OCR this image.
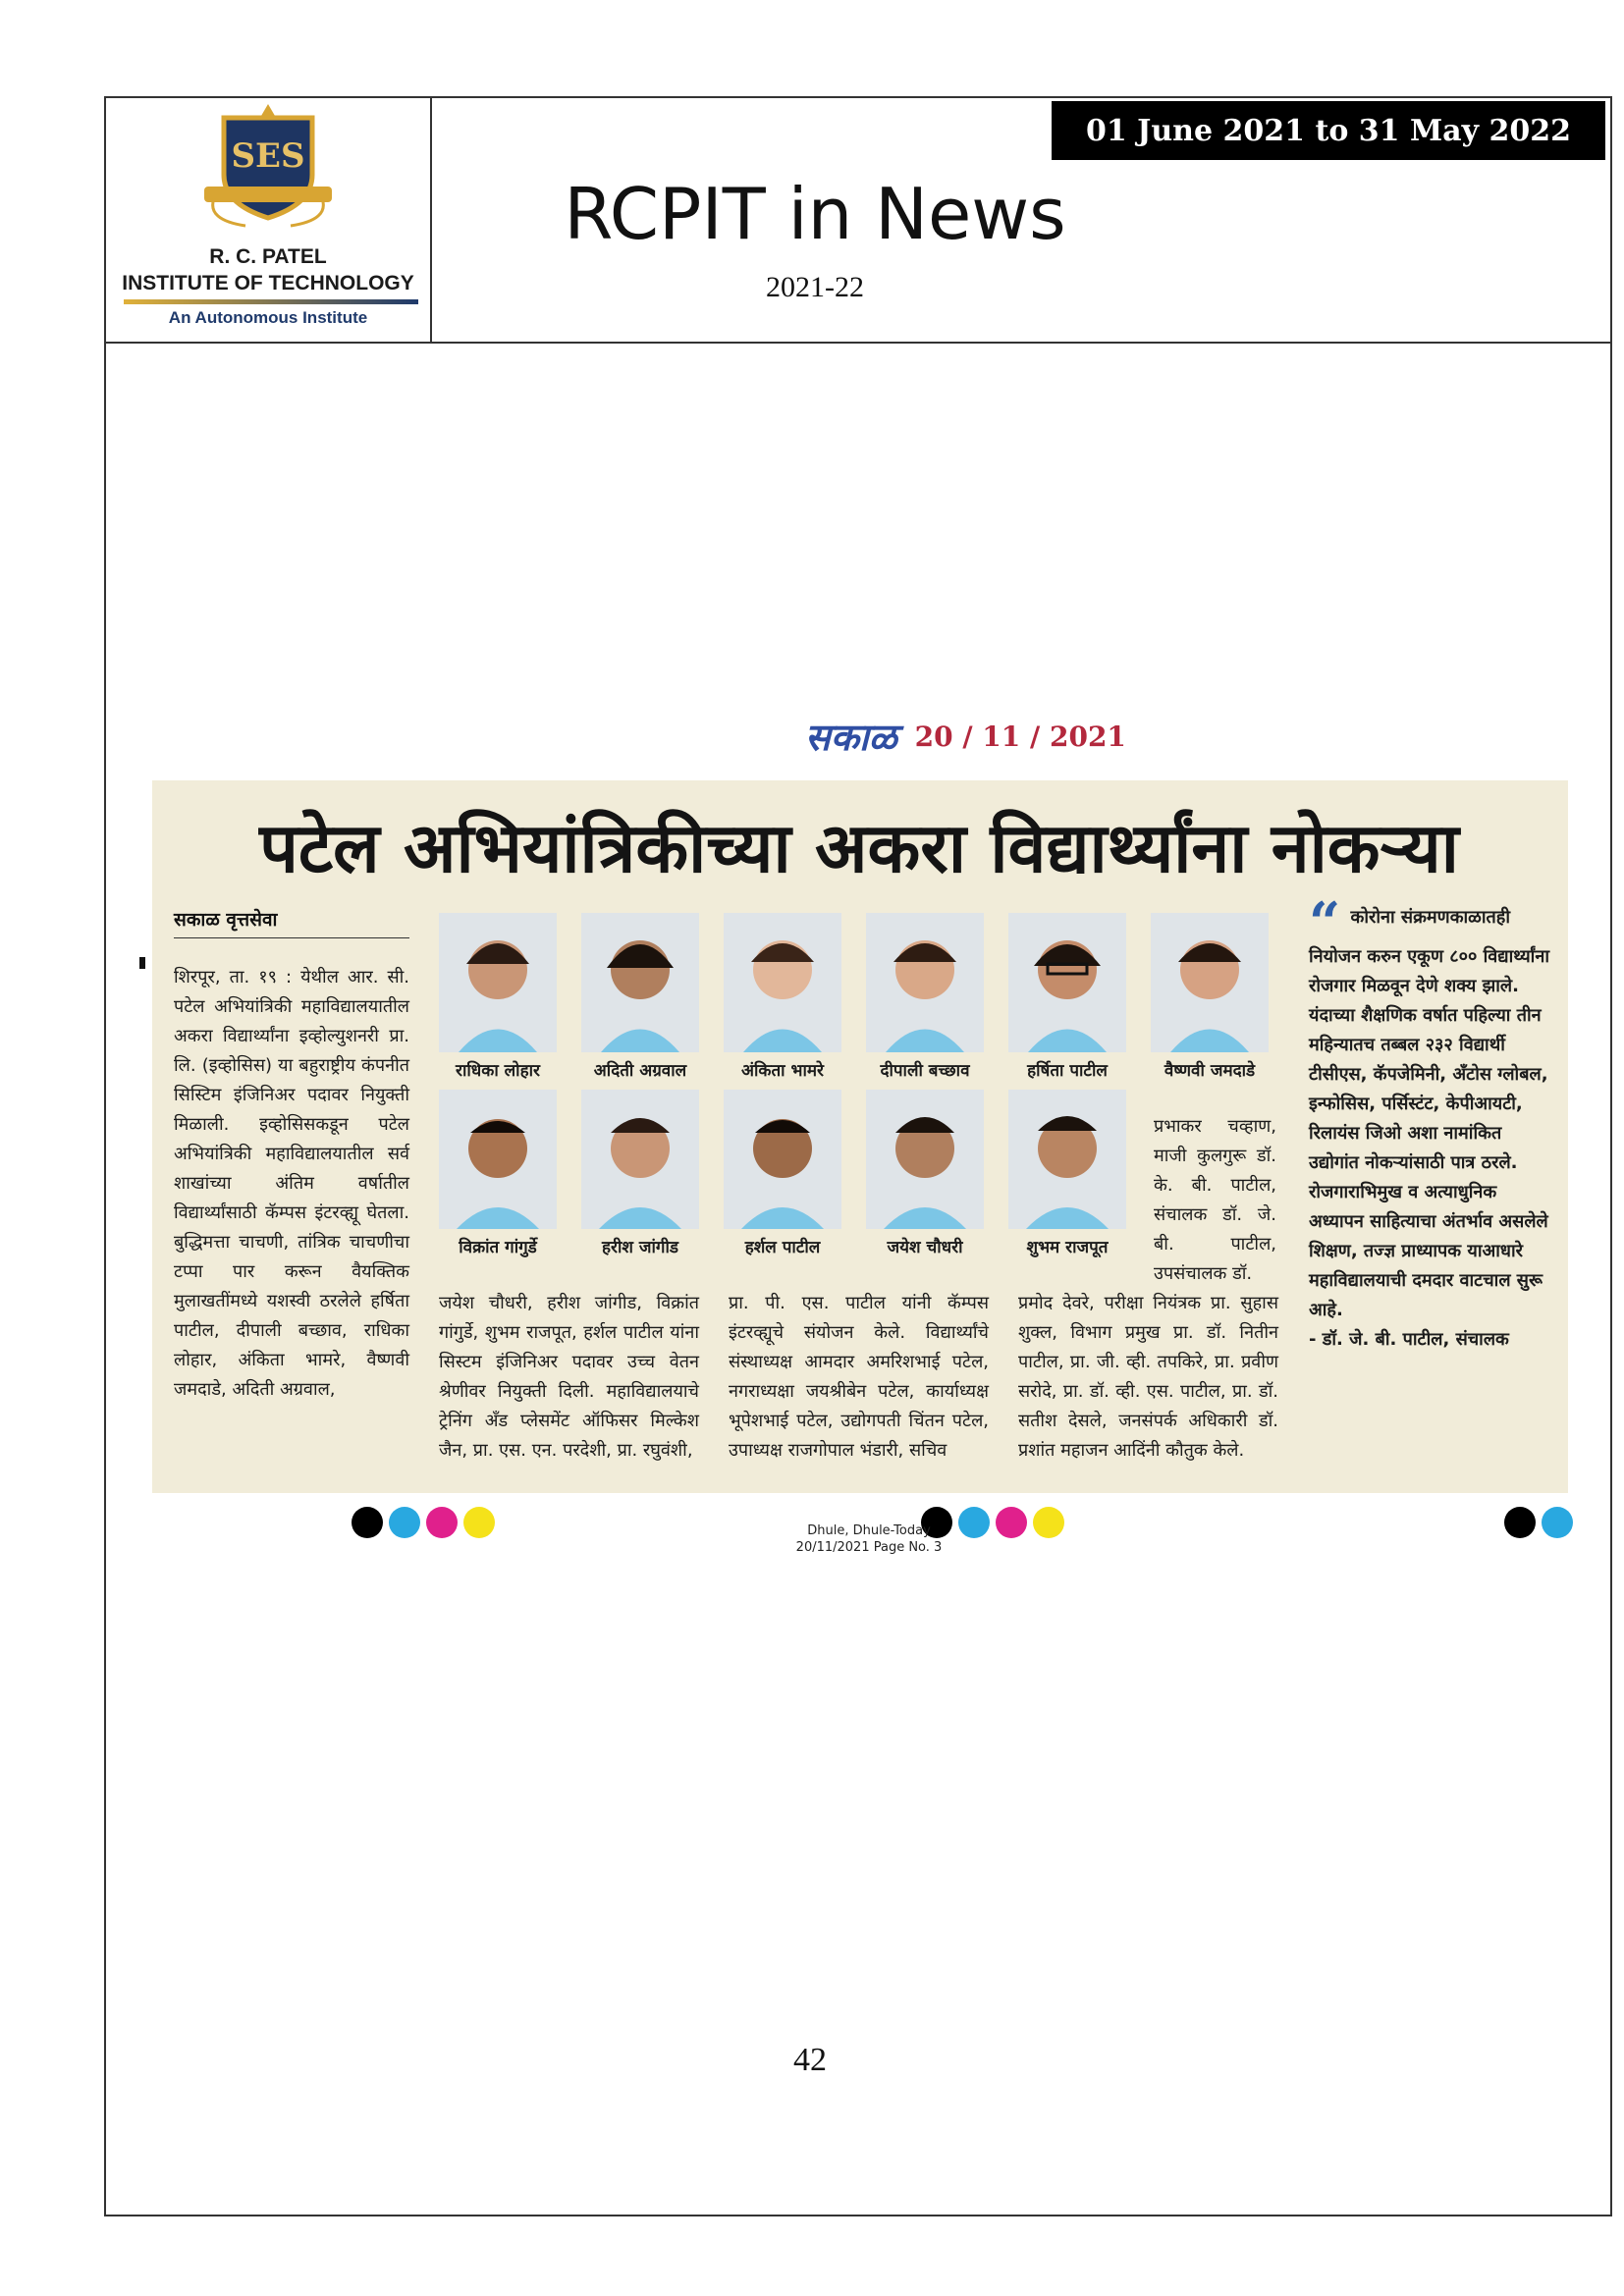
SES
R. C. PATEL
INSTITUTE OF TECHNOLOGY
An Autonomous Institute
01 June 2021 to 31 May 2022
RCPIT in News
2021-22
सकाळ 20 / 11 / 2021
पटेल अभियांत्रिकीच्या अकरा विद्यार्थ्यांना नोकऱ्या
सकाळ वृत्तसेवा
शिरपूर, ता. १९ : येथील आर. सी. पटेल अभियांत्रिकी महाविद्यालयातील अकरा विद्यार्थ्यांना इव्होल्युशनरी प्रा. लि. (इव्होसिस) या बहुराष्ट्रीय कंपनीत सिस्टिम इंजिनिअर पदावर नियुक्ती मिळाली. इव्होसिसकडून पटेल अभियांत्रिकी महाविद्यालयातील सर्व शाखांच्या अंतिम वर्षातील विद्यार्थ्यांसाठी कॅम्पस इंटरव्ह्यू घेतला. बुद्धिमत्ता चाचणी, तांत्रिक चाचणीचा टप्पा पार करून वैयक्तिक मुलाखतींमध्ये यशस्वी ठरलेले हर्षिता पाटील, दीपाली बच्छाव, राधिका लोहार, अंकिता भामरे, वैष्णवी जमदाडे, अदिती अग्रवाल,
राधिका लोहार	अदिती अग्रवाल	अंकिता भामरे	दीपाली बच्छाव	हर्षिता पाटील	वैष्णवी जमदाडे
विक्रांत गांगुर्डे	हरीश जांगीड	हर्शल पाटील	जयेश चौधरी	शुभम राजपूत
प्रभाकर चव्हाण, माजी कुलगुरू डॉ. के. बी. पाटील, संचालक डॉ. जे. बी. पाटील, उपसंचालक डॉ.
जयेश चौधरी, हरीश जांगीड, विक्रांत गांगुर्डे, शुभम राजपूत, हर्शल पाटील यांना सिस्टम इंजिनिअर पदावर उच्च वेतन श्रेणीवर नियुक्ती दिली. महाविद्यालयाचे ट्रेनिंग अँड प्लेसमेंट ऑफिसर मिल्केश जैन, प्रा. एस. एन. परदेशी, प्रा. रघुवंशी,
प्रा. पी. एस. पाटील यांनी कॅम्पस इंटरव्ह्यूचे संयोजन केले. विद्यार्थ्यांचे संस्थाध्यक्ष आमदार अमरिशभाई पटेल, नगराध्यक्षा जयश्रीबेन पटेल, कार्याध्यक्ष भूपेशभाई पटेल, उद्योगपती चिंतन पटेल, उपाध्यक्ष राजगोपाल भंडारी, सचिव
प्रमोद देवरे, परीक्षा नियंत्रक प्रा. सुहास शुक्ल, विभाग प्रमुख प्रा. डॉ. नितीन पाटील, प्रा. जी. व्ही. तपकिरे, प्रा. प्रवीण सरोदे, प्रा. डॉ. व्ही. एस. पाटील, प्रा. डॉ. सतीश देसले, जनसंपर्क अधिकारी डॉ. प्रशांत महाजन आदिंनी कौतुक केले.
“ कोरोना संक्रमणकाळातही नियोजन करुन एकूण ८०० विद्यार्थ्यांना रोजगार मिळवून देणे शक्य झाले. यंदाच्या शैक्षणिक वर्षात पहिल्या तीन महिन्यातच तब्बल २३२ विद्यार्थी टीसीएस, कॅपजेमिनी, अँटोस ग्लोबल, इन्फोसिस, पर्सिस्टंट, केपीआयटी, रिलायंस जिओ अशा नामांकित उद्योगांत नोकऱ्यांसाठी पात्र ठरले. रोजगाराभिमुख व अत्याधुनिक अध्यापन साहित्याचा अंतर्भाव असलेले शिक्षण, तज्ज्ञ प्राध्यापक याआधारे महाविद्यालयाची दमदार वाटचाल सुरू आहे.
- डॉ. जे. बी. पाटील, संचालक
Dhule, Dhule-Today
20/11/2021 Page No. 3
42
